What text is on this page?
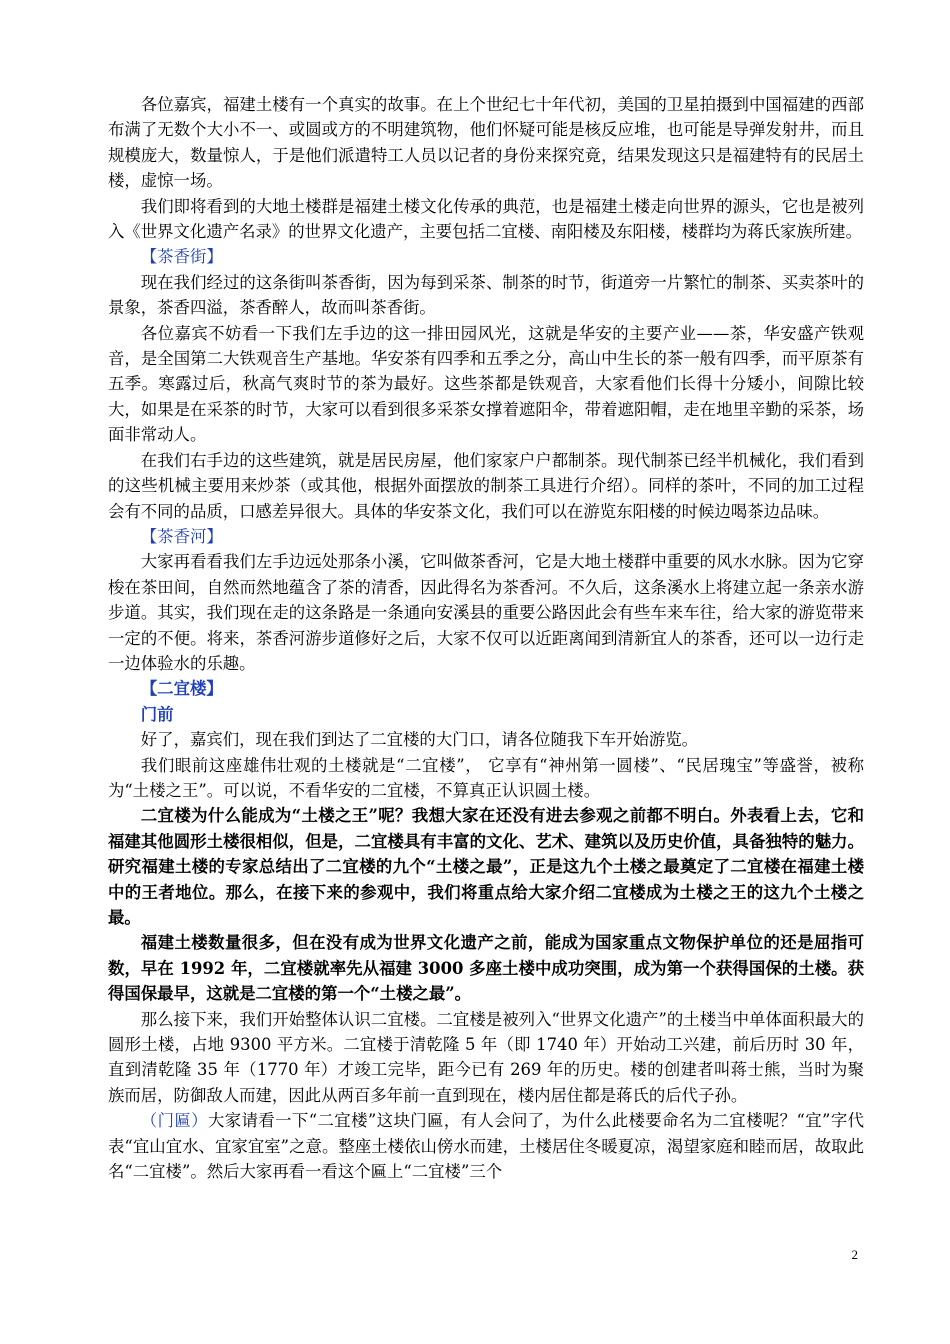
各位嘉宾，福建土楼有一个真实的故事。在上个世纪七十年代初，美国的卫星拍摄到中国福建的西部布满了无数个大小不一、或圆或方的不明建筑物，他们怀疑可能是核反应堆，也可能是导弹发射井，而且规模庞大，数量惊人，于是他们派遣特工人员以记者的身份来探究竟，结果发现这只是福建特有的民居土楼，虚惊一场。

我们即将看到的大地土楼群是福建土楼文化传承的典范，也是福建土楼走向世界的源头，它也是被列入《世界文化遗产名录》的世界文化遗产，主要包括二宜楼、南阳楼及东阳楼，楼群均为蒋氏家族所建。

【茶香街】

现在我们经过的这条街叫茶香街，因为每到采茶、制茶的时节，街道旁一片繁忙的制茶、买卖茶叶的景象，茶香四溢，茶香醉人，故而叫茶香街。

各位嘉宾不妨看一下我们左手边的这一排田园风光，这就是华安的主要产业——茶，华安盛产铁观音，是全国第二大铁观音生产基地。华安茶有四季和五季之分，高山中生长的茶一般有四季，而平原茶有五季。寒露过后，秋高气爽时节的茶为最好。这些茶都是铁观音，大家看他们长得十分矮小，间隙比较大，如果是在采茶的时节，大家可以看到很多采茶女撑着遮阳伞，带着遮阳帽，走在地里辛勤的采茶，场面非常动人。

在我们右手边的这些建筑，就是居民房屋，他们家家户户都制茶。现代制茶已经半机械化，我们看到的这些机械主要用来炒茶（或其他，根据外面摆放的制茶工具进行介绍）。同样的茶叶，不同的加工过程会有不同的品质，口感差异很大。具体的华安茶文化，我们可以在游览东阳楼的时候边喝茶边品味。

【茶香河】

大家再看看我们左手边远处那条小溪，它叫做茶香河，它是大地土楼群中重要的风水水脉。因为它穿梭在茶田间，自然而然地蕴含了茶的清香，因此得名为茶香河。不久后，这条溪水上将建立起一条亲水游步道。其实，我们现在走的这条路是一条通向安溪县的重要公路因此会有些车来车往，给大家的游览带来一定的不便。将来，茶香河游步道修好之后，大家不仅可以近距离闻到清新宜人的茶香，还可以一边行走一边体验水的乐趣。

【二宜楼】

门前

好了，嘉宾们，现在我们到达了二宜楼的大门口，请各位随我下车开始游览。

我们眼前这座雄伟壮观的土楼就是“二宜楼”， 它享有“神州第一圆楼”、“民居瑰宝”等盛誉，被称为“土楼之王”。可以说，不看华安的二宜楼，不算真正认识圆土楼。

二宜楼为什么能成为“土楼之王”呢？我想大家在还没有进去参观之前都不明白。外表看上去，它和福建其他圆形土楼很相似，但是，二宜楼具有丰富的文化、艺术、建筑以及历史价值，具备独特的魅力。研究福建土楼的专家总结出了二宜楼的九个“土楼之最”，正是这九个土楼之最奠定了二宜楼在福建土楼中的王者地位。那么，在接下来的参观中，我们将重点给大家介绍二宜楼成为土楼之王的这九个土楼之最。

福建土楼数量很多，但在没有成为世界文化遗产之前，能成为国家重点文物保护单位的还是屈指可数，早在 1992 年，二宜楼就率先从福建 3000 多座土楼中成功突围，成为第一个获得国保的土楼。获得国保最早，这就是二宜楼的第一个“土楼之最”。

那么接下来，我们开始整体认识二宜楼。二宜楼是被列入“世界文化遗产”的土楼当中单体面积最大的圆形土楼，占地 9300 平方米。二宜楼于清乾隆 5 年（即 1740 年）开始动工兴建，前后历时 30 年，直到清乾隆 35 年（1770 年）才竣工完毕，距今已有 269 年的历史。楼的创建者叫蒋士熊，当时为聚族而居，防御敌人而建，因此从两百多年前一直到现在，楼内居住都是蒋氏的后代子孙。

（门匾）大家请看一下“二宜楼”这块门匾，有人会问了，为什么此楼要命名为二宜楼呢？“宜”字代表“宜山宜水、宜家宜室”之意。整座土楼依山傍水而建，土楼居住冬暖夏凉，渴望家庭和睦而居，故取此名“二宜楼”。然后大家再看一看这个匾上“二宜楼”三个

2
